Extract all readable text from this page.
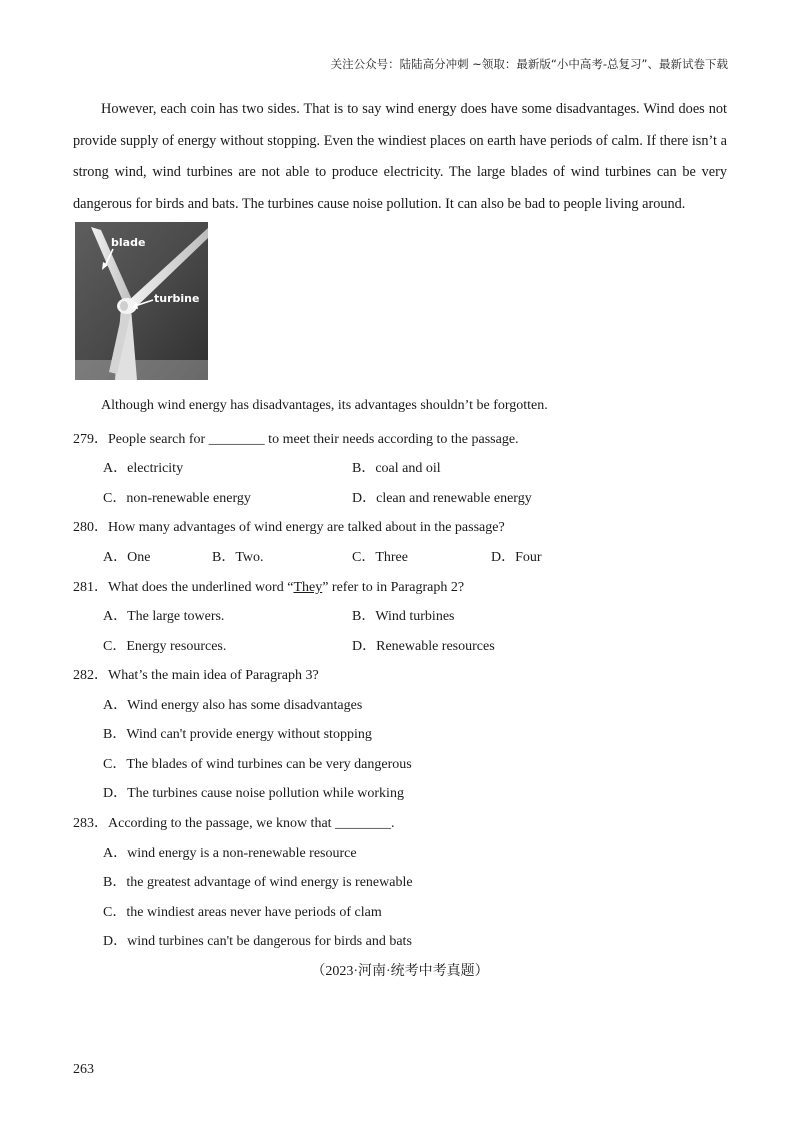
关注公众号：陆陆高分冲刺 ~领取：最新版“小中高考-总复习”、最新试卷下载

However, each coin has two sides. That is to say wind energy does have some disadvantages. Wind does not provide supply of energy without stopping. Even the windiest places on earth have periods of calm. If there isn’t a strong wind, wind turbines are not able to produce electricity. The large blades of wind turbines can be very dangerous for birds and bats. The turbines cause noise pollution. It can also be bad to people living around.

blade
turbine
Although wind energy has disadvantages, its advantages shouldn’t be forgotten.
279．People search for ________ to meet their needs according to the passage.
A．electricity	B．coal and oil
C．non-renewable energy	D．clean and renewable energy
280．How many advantages of wind energy are talked about in the passage?
A．One	B．Two.	C．Three	D．Four
281．What does the underlined word “They” refer to in Paragraph 2?
A．The large towers.	B．Wind turbines
C．Energy resources.	D．Renewable resources
282．What’s the main idea of Paragraph 3?
A．Wind energy also has some disadvantages
B．Wind can't provide energy without stopping
C．The blades of wind turbines can be very dangerous
D．The turbines cause noise pollution while working
283．According to the passage, we know that ________.
A．wind energy is a non-renewable resource
B．the greatest advantage of wind energy is renewable
C．the windiest areas never have periods of clam
D．wind turbines can't be dangerous for birds and bats
（2023·河南·统考中考真题）
263
